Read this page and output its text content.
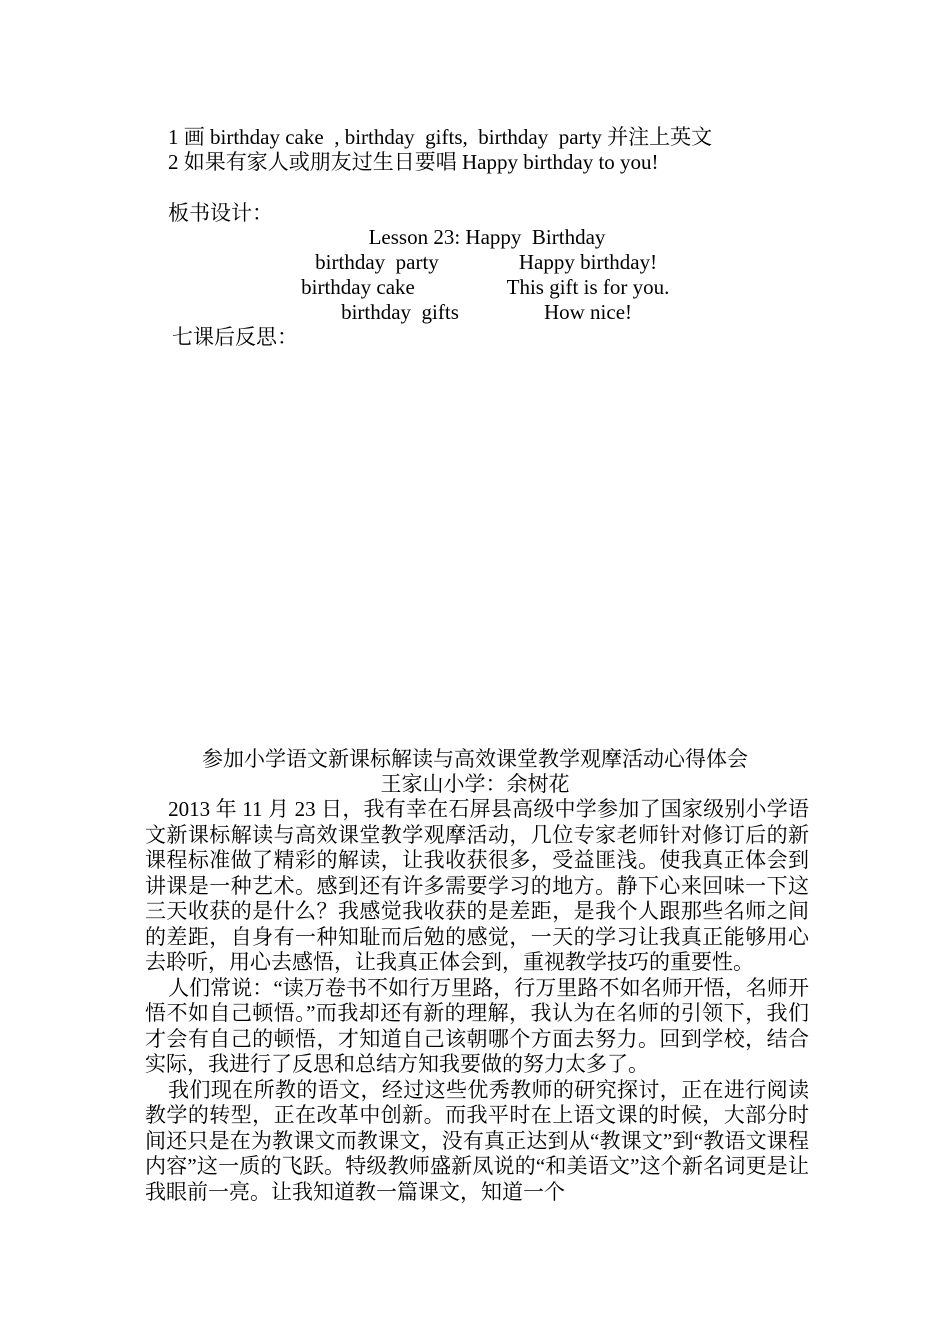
1 画 birthday cake  , birthday  gifts,  birthday  party 并注上英文
2 如果有家人或朋友过生日要唱 Happy birthday to you!
板书设计：
Lesson 23: Happy  Birthday
birthday  party	Happy birthday!
birthday cake	This gift is for you.
birthday  gifts	How nice!
七课后反思：
参加小学语文新课标解读与高效课堂教学观摩活动心得体会
王家山小学：余树花

2013 年 11 月 23 日，我有幸在石屏县高级中学参加了国家级别小学语文新课标解读与高效课堂教学观摩活动，几位专家老师针对修订后的新课程标准做了精彩的解读，让我收获很多，受益匪浅。使我真正体会到讲课是一种艺术。感到还有许多需要学习的地方。静下心来回味一下这三天收获的是什么？我感觉我收获的是差距，是我个人跟那些名师之间的差距，自身有一种知耻而后勉的感觉，一天的学习让我真正能够用心去聆听，用心去感悟，让我真正体会到，重视教学技巧的重要性。

人们常说：“读万卷书不如行万里路，行万里路不如名师开悟，名师开悟不如自己顿悟。”而我却还有新的理解，我认为在名师的引领下，我们才会有自己的顿悟，才知道自己该朝哪个方面去努力。回到学校，结合实际，我进行了反思和总结方知我要做的努力太多了。

我们现在所教的语文，经过这些优秀教师的研究探讨，正在进行阅读教学的转型，正在改革中创新。而我平时在上语文课的时候，大部分时间还只是在为教课文而教课文，没有真正达到从“教课文”到“教语文课程内容”这一质的飞跃。特级教师盛新凤说的“和美语文”这个新名词更是让我眼前一亮。让我知道教一篇课文，知道一个
